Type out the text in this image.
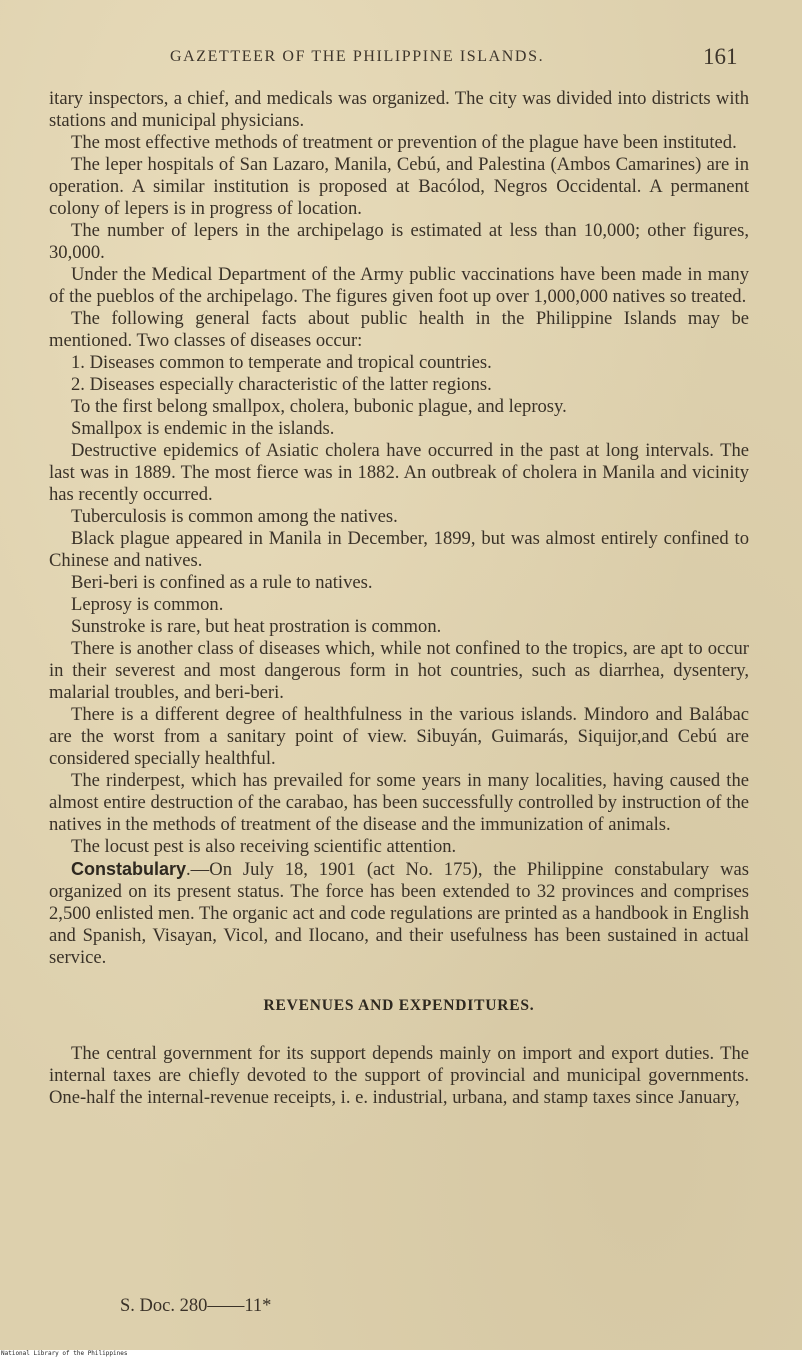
GAZETTEER OF THE PHILIPPINE ISLANDS.	161

itary inspectors, a chief, and medicals was organized. The city was divided into districts with stations and municipal physicians.

The most effective methods of treatment or prevention of the plague have been instituted.

The leper hospitals of San Lazaro, Manila, Cebú, and Palestina (Ambos Camarines) are in operation. A similar institution is proposed at Bacólod, Negros Occidental. A permanent colony of lepers is in progress of location.

The number of lepers in the archipelago is estimated at less than 10,000; other figures, 30,000.

Under the Medical Department of the Army public vaccinations have been made in many of the pueblos of the archipelago. The figures given foot up over 1,000,000 natives so treated.

The following general facts about public health in the Philippine Islands may be mentioned. Two classes of diseases occur:

1. Diseases common to temperate and tropical countries.

2. Diseases especially characteristic of the latter regions.

To the first belong smallpox, cholera, bubonic plague, and leprosy.

Smallpox is endemic in the islands.

Destructive epidemics of Asiatic cholera have occurred in the past at long intervals. The last was in 1889. The most fierce was in 1882. An outbreak of cholera in Manila and vicinity has recently occurred.

Tuberculosis is common among the natives.

Black plague appeared in Manila in December, 1899, but was almost entirely confined to Chinese and natives.

Beri-beri is confined as a rule to natives.

Leprosy is common.

Sunstroke is rare, but heat prostration is common.

There is another class of diseases which, while not confined to the tropics, are apt to occur in their severest and most dangerous form in hot countries, such as diarrhea, dysentery, malarial troubles, and beri-beri.

There is a different degree of healthfulness in the various islands. Mindoro and Balábac are the worst from a sanitary point of view. Sibuyán, Guimarás, Siquijor,and Cebú are considered specially healthful.

The rinderpest, which has prevailed for some years in many localities, having caused the almost entire destruction of the carabao, has been successfully controlled by instruction of the natives in the methods of treatment of the disease and the immunization of animals.

The locust pest is also receiving scientific attention.

Constabulary.—On July 18, 1901 (act No. 175), the Philippine constabulary was organized on its present status. The force has been extended to 32 provinces and comprises 2,500 enlisted men. The organic act and code regulations are printed as a handbook in English and Spanish, Visayan, Vicol, and Ilocano, and their usefulness has been sustained in actual service.

REVENUES AND EXPENDITURES.

The central government for its support depends mainly on import and export duties. The internal taxes are chiefly devoted to the support of provincial and municipal governments. One-half the internal-revenue receipts, i. e. industrial, urbana, and stamp taxes since January,

S. Doc. 280——11*
National Library of the Philippines
